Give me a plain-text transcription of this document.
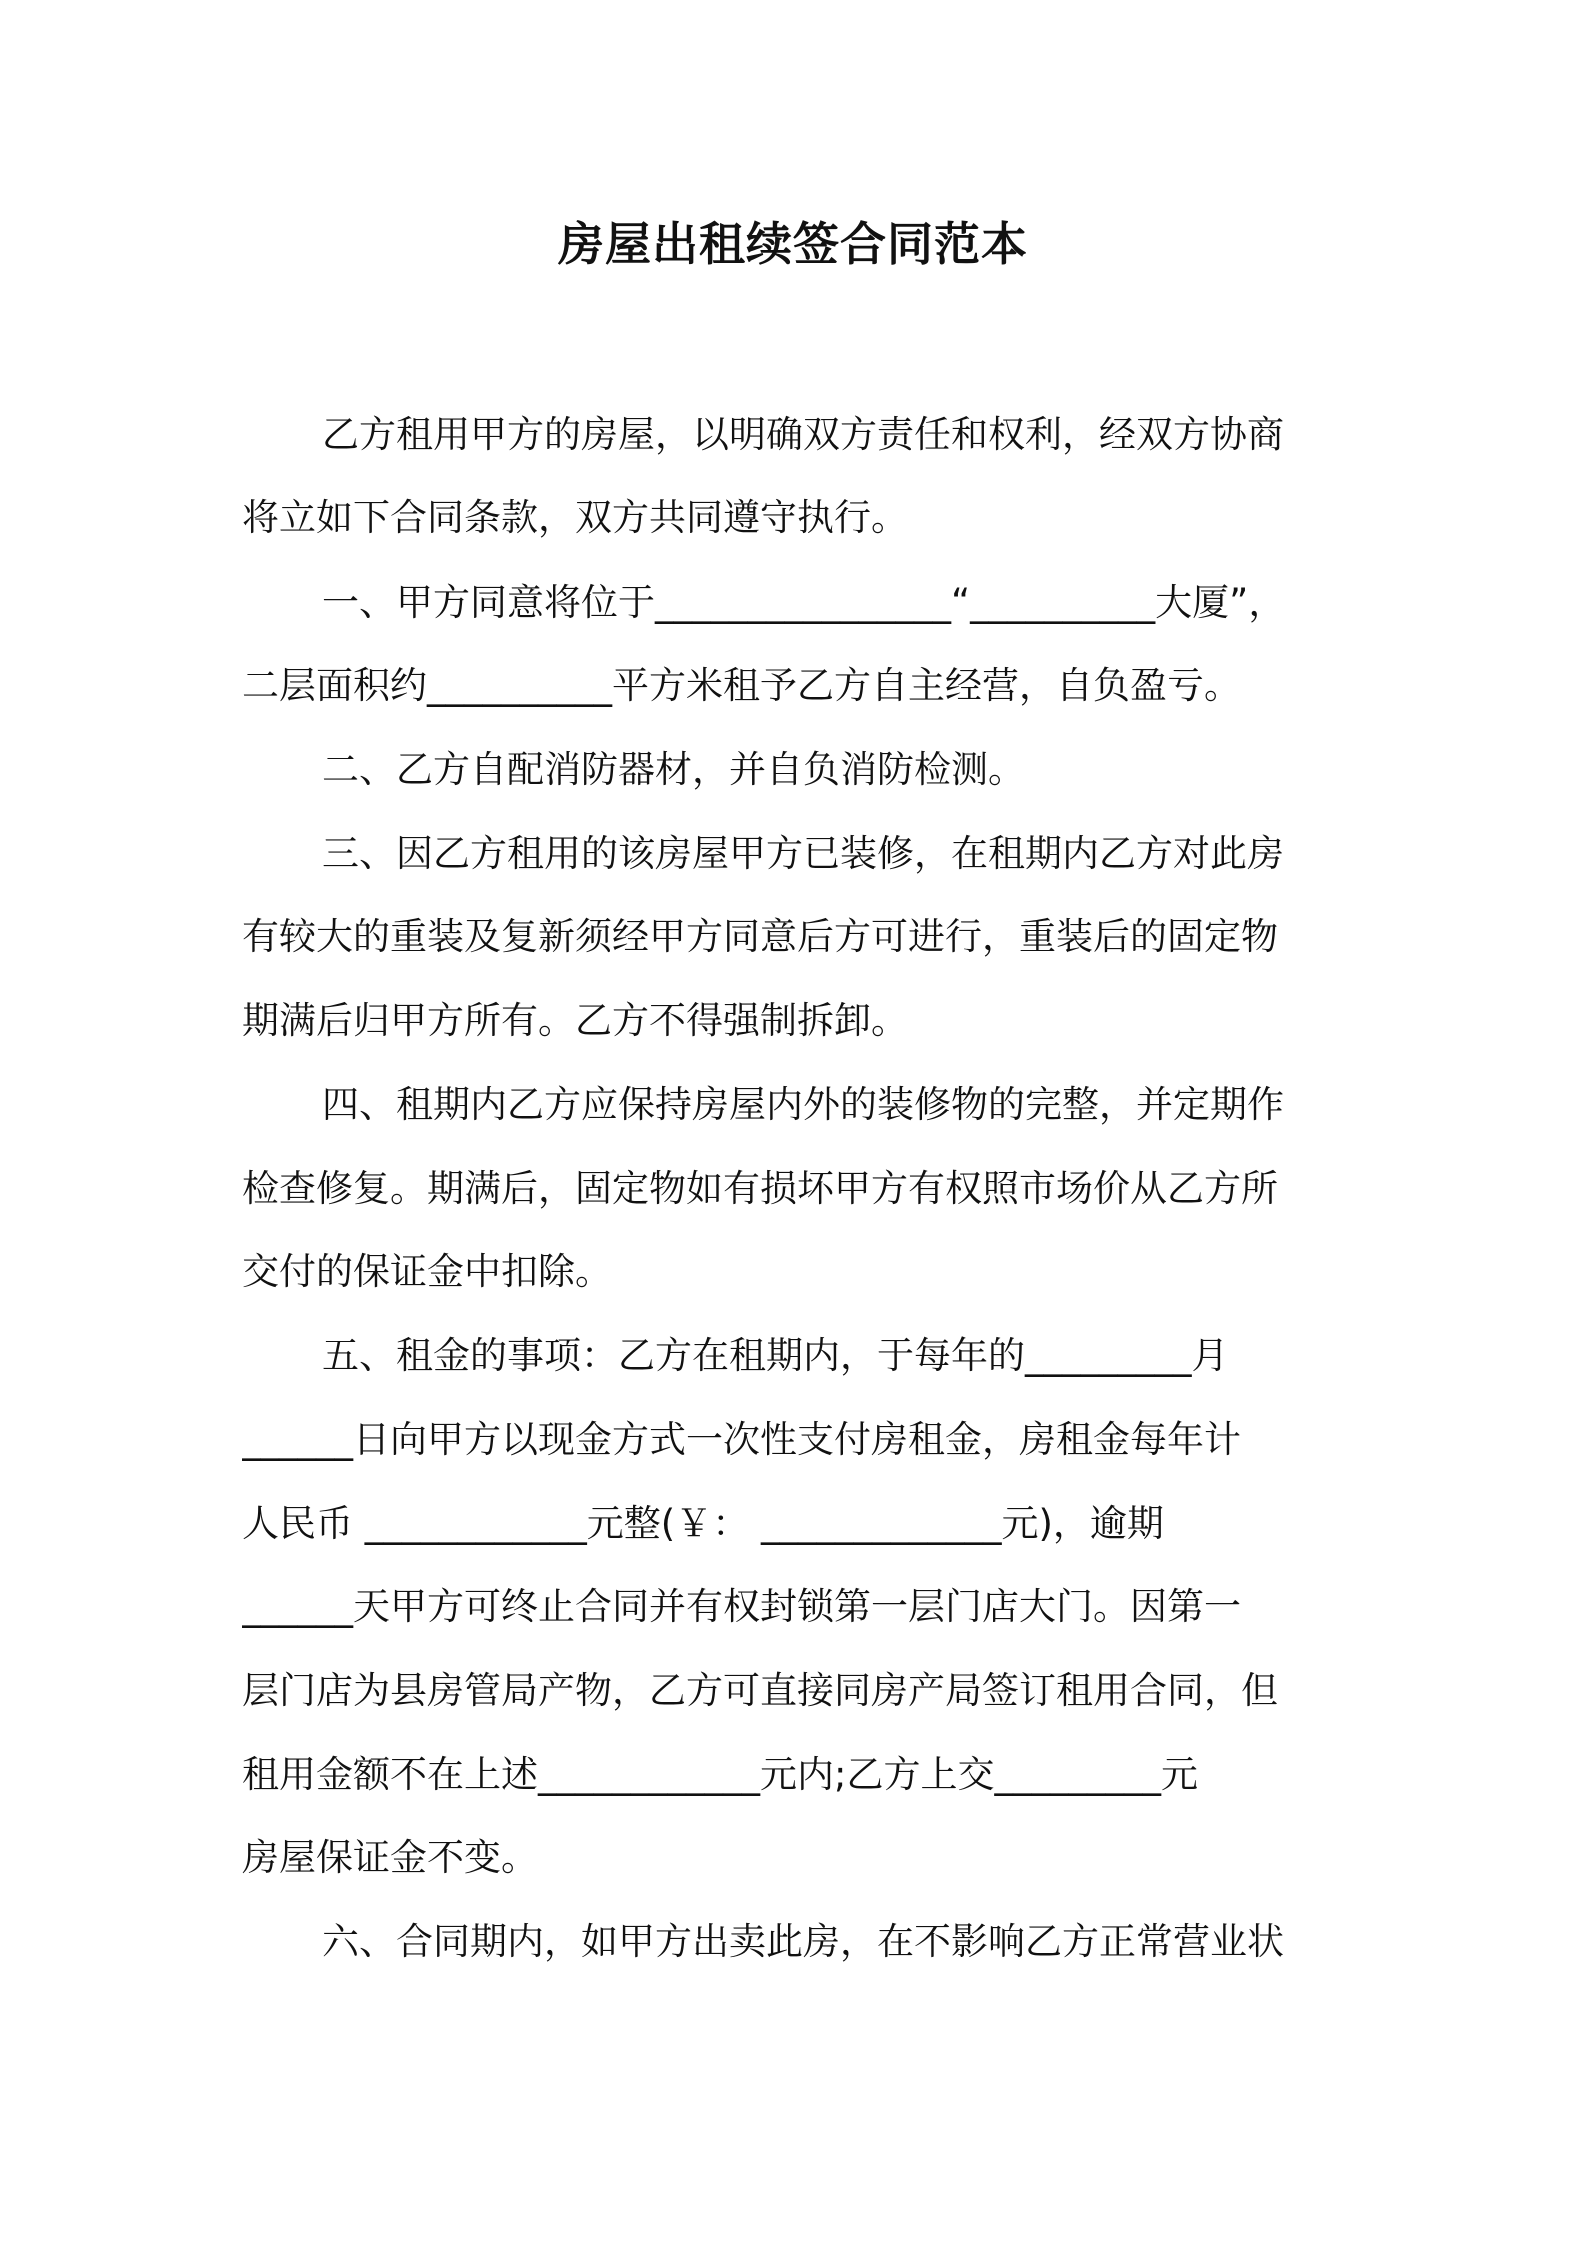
房屋出租续签合同范本
乙方租用甲方的房屋，以明确双方责任和权利，经双方协商
将立如下合同条款，双方共同遵守执行。
一、甲方同意将位于________________“__________大厦”，
二层面积约__________平方米租予乙方自主经营，自负盈亏。
二、乙方自配消防器材，并自负消防检测。
三、因乙方租用的该房屋甲方已装修，在租期内乙方对此房
有较大的重装及复新须经甲方同意后方可进行，重装后的固定物
期满后归甲方所有。乙方不得强制拆卸。
四、租期内乙方应保持房屋内外的装修物的完整，并定期作
检查修复。期满后，固定物如有损坏甲方有权照市场价从乙方所
交付的保证金中扣除。
五、租金的事项：乙方在租期内，于每年的_________月
______日向甲方以现金方式一次性支付房租金，房租金每年计
人民币 ____________元整(￥： _____________元)，逾期
______天甲方可终止合同并有权封锁第一层门店大门。因第一
层门店为县房管局产物，乙方可直接同房产局签订租用合同，但
租用金额不在上述____________元内;乙方上交_________元
房屋保证金不变。
六、合同期内，如甲方出卖此房，在不影响乙方正常营业状
